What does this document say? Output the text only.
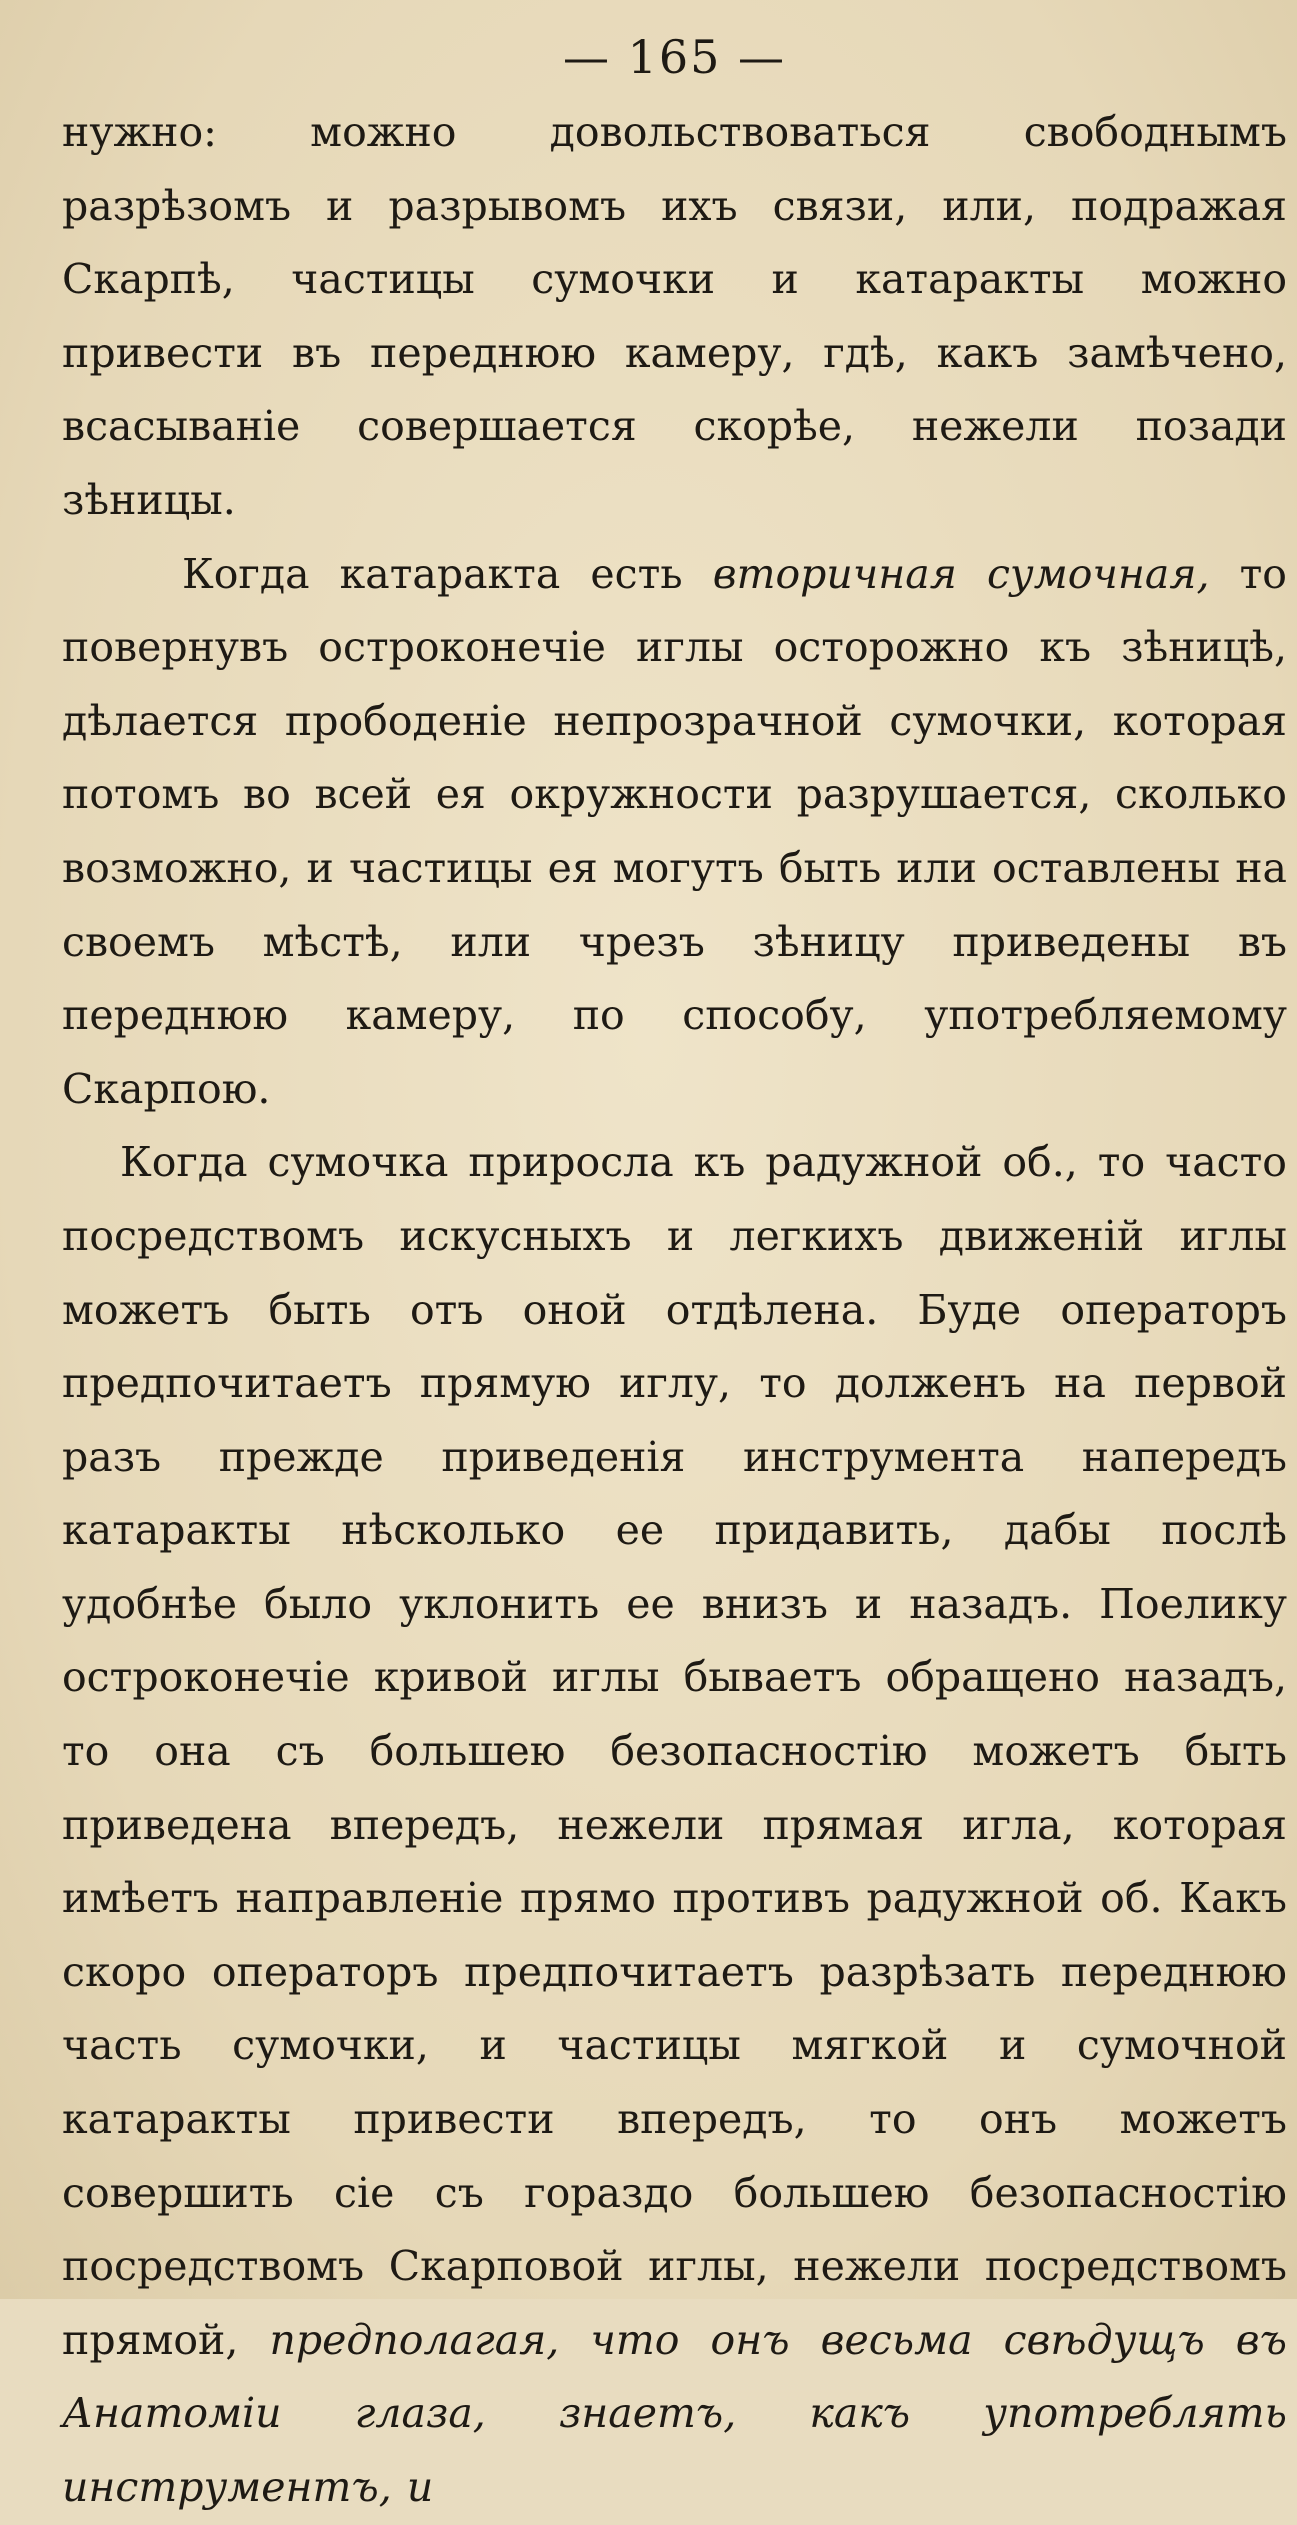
— 165 —

нужно: можно довольствоваться свободнымъ разрѣзомъ и разрывомъ ихъ связи, или, подражая Скарпѣ, частицы сумочки и катаракты можно привести въ переднюю камеру, гдѣ, какъ замѣчено, всасыванiе совершается скорѣе, нежели позади зѣницы.

Когда катаракта есть вторичная сумочная, то повернувъ остроконечiе иглы осторожно къ зѣницѣ, дѣлается прободенiе непрозрачной сумочки, которая потомъ во всей ея окружности разрушается, сколько возможно, и частицы ея могутъ быть или оставлены на своемъ мѣстѣ, или чрезъ зѣницу приведены въ переднюю камеру, по способу, употребляемому Скарпою.

Когда сумочка приросла къ радужной об., то часто посредствомъ искусныхъ и легкихъ движенiй иглы можетъ быть отъ оной отдѣлена. Буде операторъ предпочитаетъ прямую иглу, то долженъ на первой разъ прежде приведенiя инструмента напередъ катаракты нѣсколько ее придавить, дабы послѣ удобнѣе было уклонить ее внизъ и назадъ. Поелику остроконечiе кривой иглы бываетъ обращено назадъ, то она съ большею безопасностiю можетъ быть приведена впередъ, нежели прямая игла, которая имѣетъ направленiе прямо противъ радужной об. Какъ скоро операторъ предпочитаетъ разрѣзать переднюю часть сумочки, и частицы мягкой и сумочной катаракты привести впередъ, то онъ можетъ совершить сiе съ гораздо большею безопасностiю посредствомъ Скарповой иглы, нежели посредствомъ прямой, предполагая, что онъ весьма свѣдущъ въ Анатомiи глаза, знаетъ, какъ употреблять инструментъ, и
